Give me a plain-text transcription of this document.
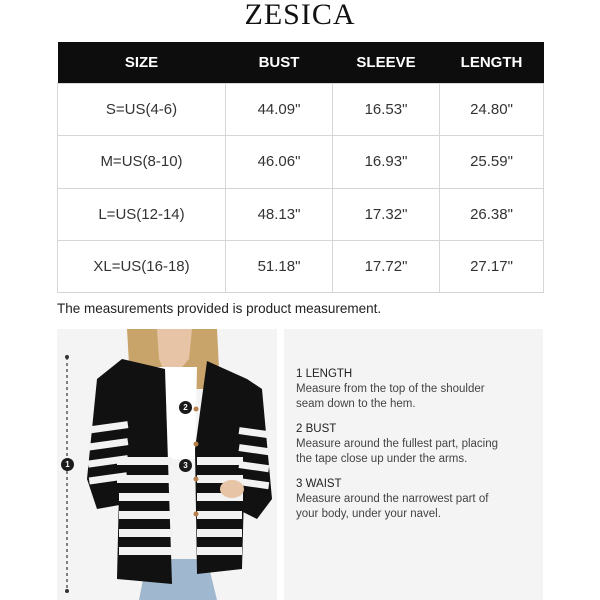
ZESICA
SIZE	BUST	SLEEVE	LENGTH
S=US(4-6)	44.09"	16.53"	24.80"
M=US(8-10)	46.06"	16.93"	25.59"
L=US(12-14)	48.13"	17.32"	26.38"
XL=US(16-18)	51.18"	17.72"	27.17"
The measurements provided is product measurement.
1
2
3
1 LENGTH
Measure from the top of the shoulder
seam down to the hem.
2 BUST
Measure around the fullest part, placing
the tape close up under the arms.
3 WAIST
Measure around the narrowest part of
your body, under your navel.
